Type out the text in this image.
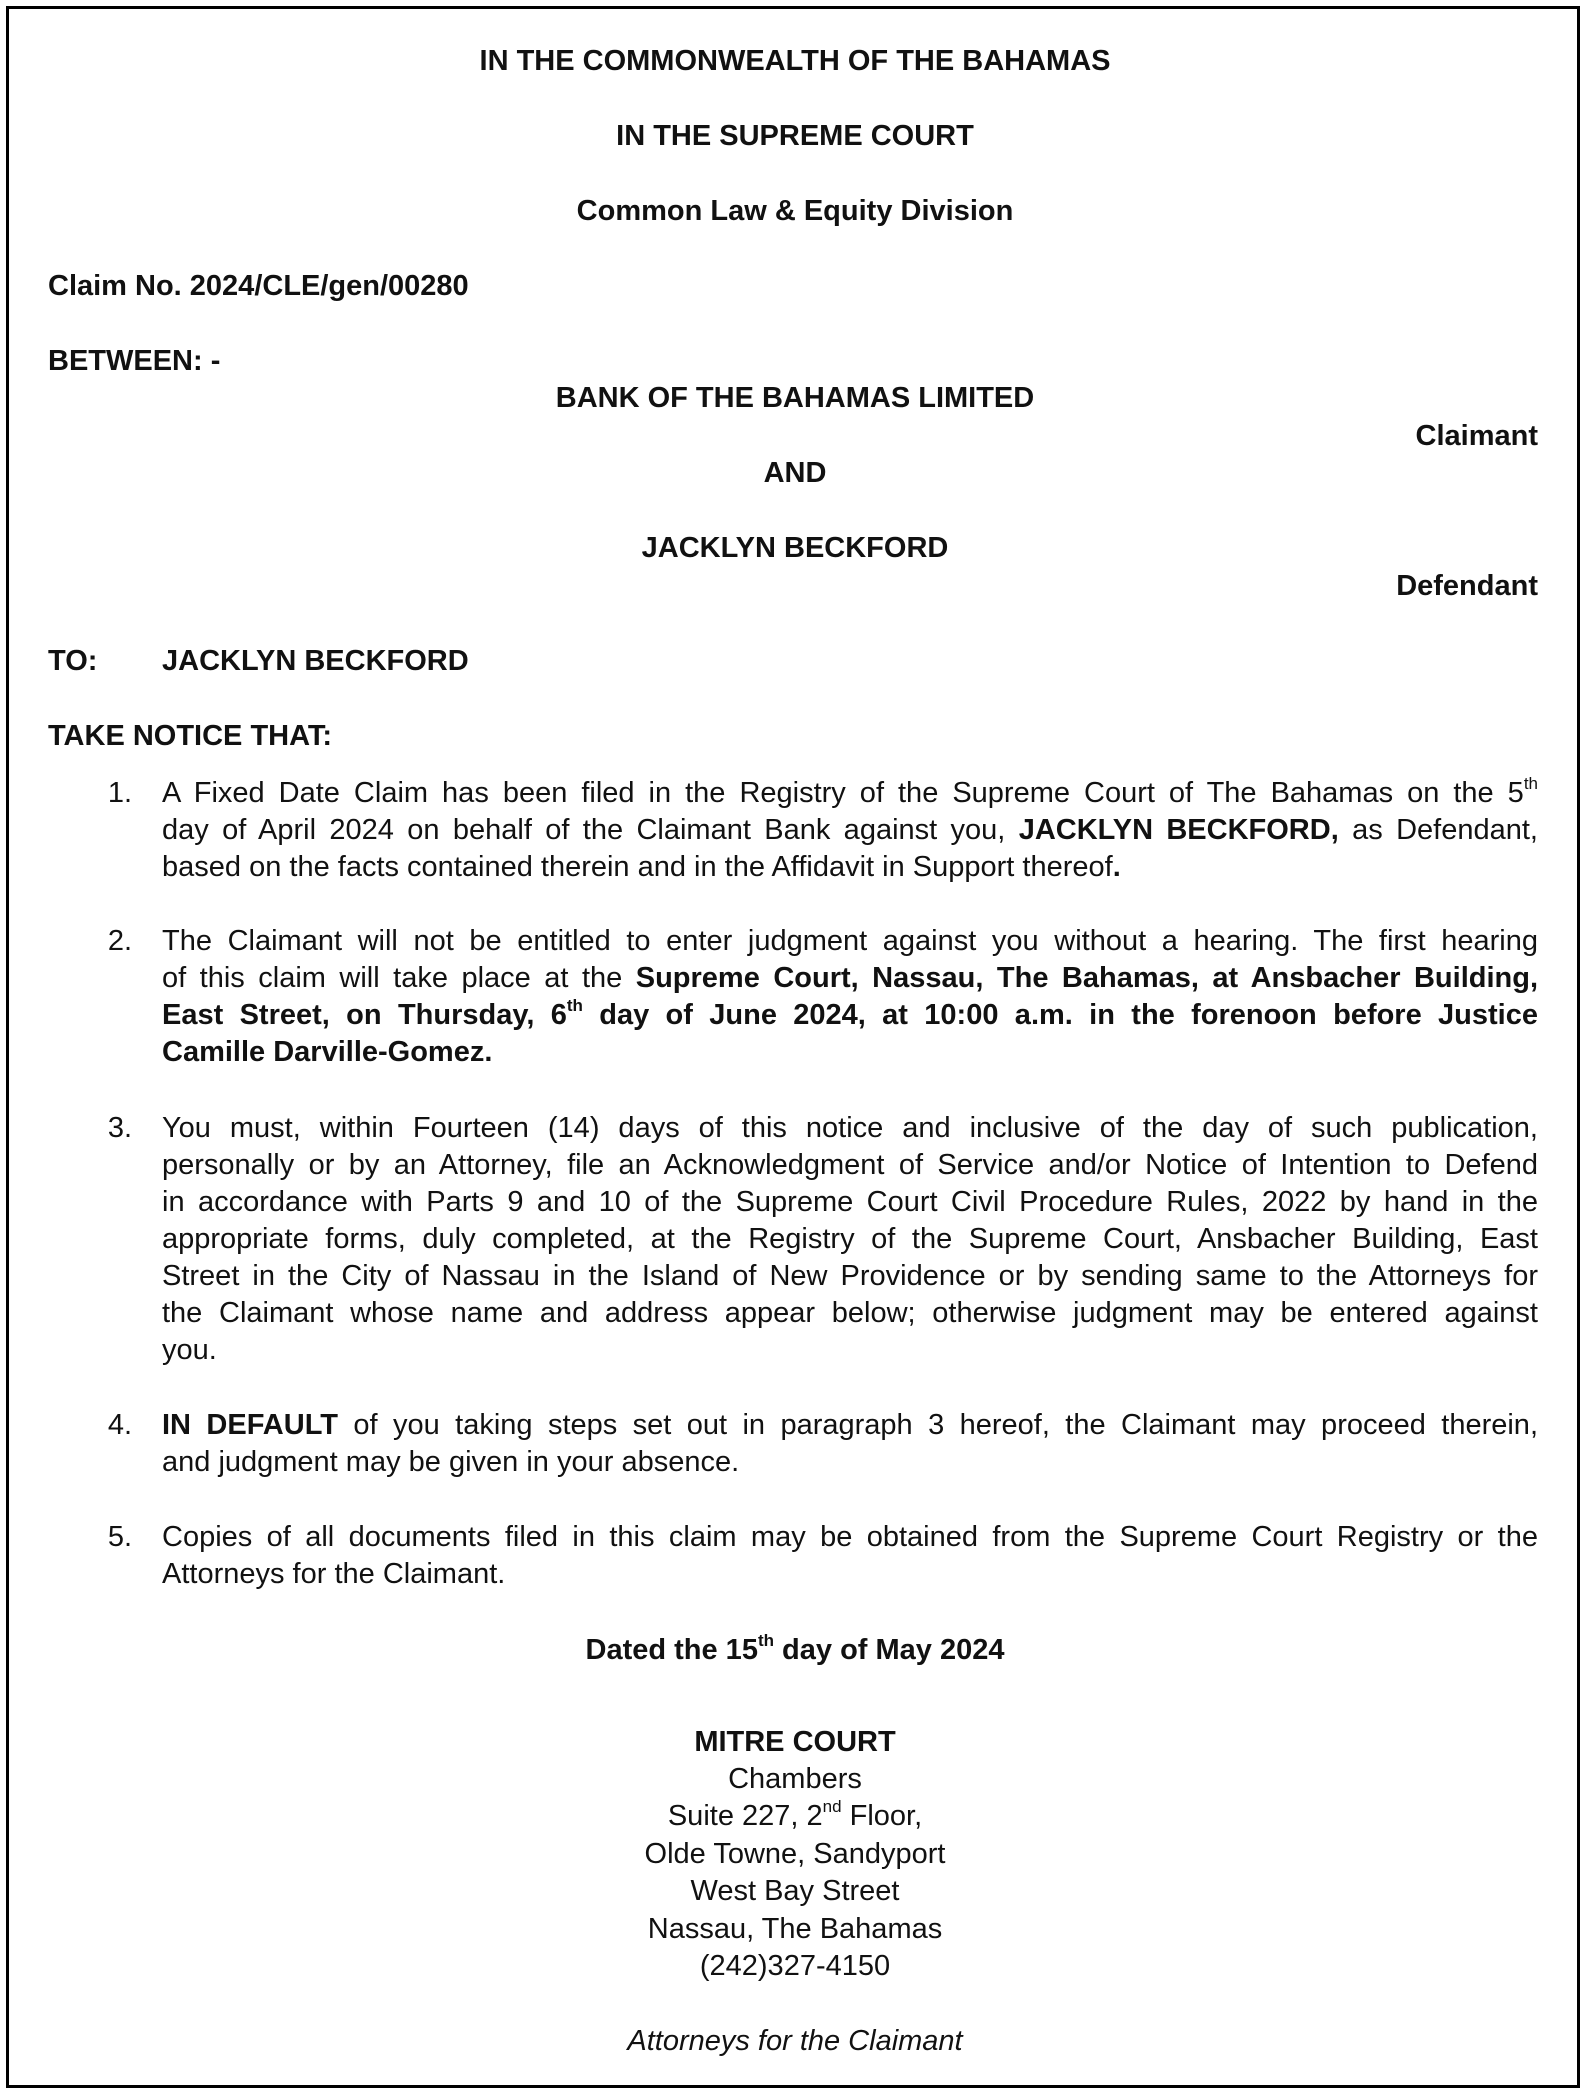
IN THE COMMONWEALTH OF THE BAHAMAS
IN THE SUPREME COURT
Common Law & Equity Division
Claim No. 2024/CLE/gen/00280
BETWEEN: -
BANK OF THE BAHAMAS LIMITED
Claimant
AND
JACKLYN BECKFORD
Defendant
TO: JACKLYN BECKFORD
TAKE NOTICE THAT:
1. A Fixed Date Claim has been filed in the Registry of the Supreme Court of The Bahamas on the 5th
day of April 2024 on behalf of the Claimant Bank against you, JACKLYN BECKFORD, as Defendant,
based on the facts contained therein and in the Affidavit in Support thereof.
2. The Claimant will not be entitled to enter judgment against you without a hearing. The first hearing
of this claim will take place at the Supreme Court, Nassau, The Bahamas, at Ansbacher Building,
East Street, on Thursday, 6th day of June 2024, at 10:00 a.m. in the forenoon before Justice
Camille Darville-Gomez.
3. You must, within Fourteen (14) days of this notice and inclusive of the day of such publication,
personally or by an Attorney, file an Acknowledgment of Service and/or Notice of Intention to Defend
in accordance with Parts 9 and 10 of the Supreme Court Civil Procedure Rules, 2022 by hand in the
appropriate forms, duly completed, at the Registry of the Supreme Court, Ansbacher Building, East
Street in the City of Nassau in the Island of New Providence or by sending same to the Attorneys for
the Claimant whose name and address appear below; otherwise judgment may be entered against
you.
4. IN DEFAULT of you taking steps set out in paragraph 3 hereof, the Claimant may proceed therein,
and judgment may be given in your absence.
5. Copies of all documents filed in this claim may be obtained from the Supreme Court Registry or the
Attorneys for the Claimant.
Dated the 15th day of May 2024
MITRE COURT
Chambers
Suite 227, 2nd Floor,
Olde Towne, Sandyport
West Bay Street
Nassau, The Bahamas
(242)327-4150
Attorneys for the Claimant
